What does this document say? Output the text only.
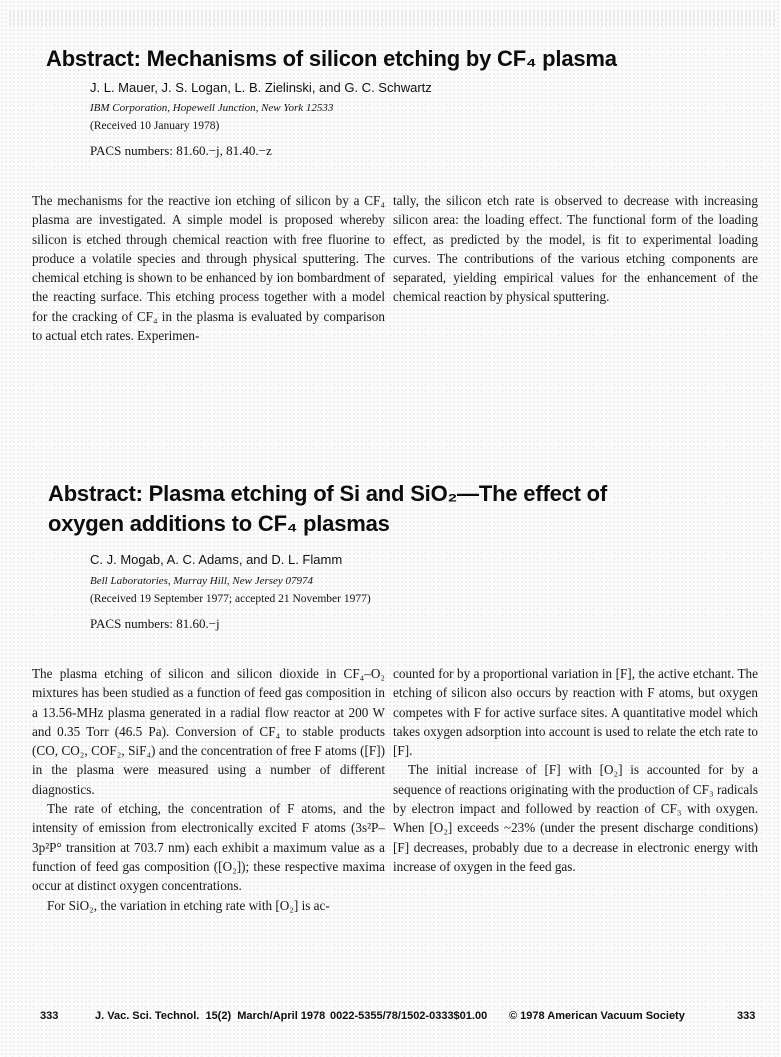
Abstract: Mechanisms of silicon etching by CF₄ plasma
J. L. Mauer, J. S. Logan, L. B. Zielinski, and G. C. Schwartz
IBM Corporation, Hopewell Junction, New York 12533
(Received 10 January 1978)
PACS numbers: 81.60.−j, 81.40.−z

The mechanisms for the reactive ion etching of silicon by a CF₄ plasma are investigated. A simple model is proposed whereby silicon is etched through chemical reaction with free fluorine to produce a volatile species and through physical sputtering. The chemical etching is shown to be enhanced by ion bombardment of the reacting surface. This etching process together with a model for the cracking of CF₄ in the plasma is evaluated by comparison to actual etch rates. Experimen-

tally, the silicon etch rate is observed to decrease with increasing silicon area: the loading effect. The functional form of the loading effect, as predicted by the model, is fit to experimental loading curves. The contributions of the various etching components are separated, yielding empirical values for the enhancement of the chemical reaction by physical sputtering.

Abstract: Plasma etching of Si and SiO₂—The effect of
oxygen additions to CF₄ plasmas
C. J. Mogab, A. C. Adams, and D. L. Flamm
Bell Laboratories, Murray Hill, New Jersey 07974
(Received 19 September 1977; accepted 21 November 1977)
PACS numbers: 81.60.−j

The plasma etching of silicon and silicon dioxide in CF₄–O₂ mixtures has been studied as a function of feed gas composition in a 13.56-MHz plasma generated in a radial flow reactor at 200 W and 0.35 Torr (46.5 Pa). Conversion of CF₄ to stable products (CO, CO₂, COF₂, SiF₄) and the concentration of free F atoms ([F]) in the plasma were measured using a number of different diagnostics.

The rate of etching, the concentration of F atoms, and the intensity of emission from electronically excited F atoms (3s²P–3p²P° transition at 703.7 nm) each exhibit a maximum value as a function of feed gas composition ([O₂]); these respective maxima occur at distinct oxygen concentrations.

For SiO₂, the variation in etching rate with [O₂] is ac-

counted for by a proportional variation in [F], the active etchant. The etching of silicon also occurs by reaction with F atoms, but oxygen competes with F for active surface sites. A quantitative model which takes oxygen adsorption into account is used to relate the etch rate to [F].

The initial increase of [F] with [O₂] is accounted for by a sequence of reactions originating with the production of CF₃ radicals by electron impact and followed by reaction of CF₃ with oxygen. When [O₂] exceeds ~23% (under the present discharge conditions) [F] decreases, probably due to a decrease in electronic energy with increase of oxygen in the feed gas.

333	J. Vac. Sci. Technol.  15(2)  March/April 1978 0022-5355/78/1502-0333$01.00 © 1978 American Vacuum Society	333
